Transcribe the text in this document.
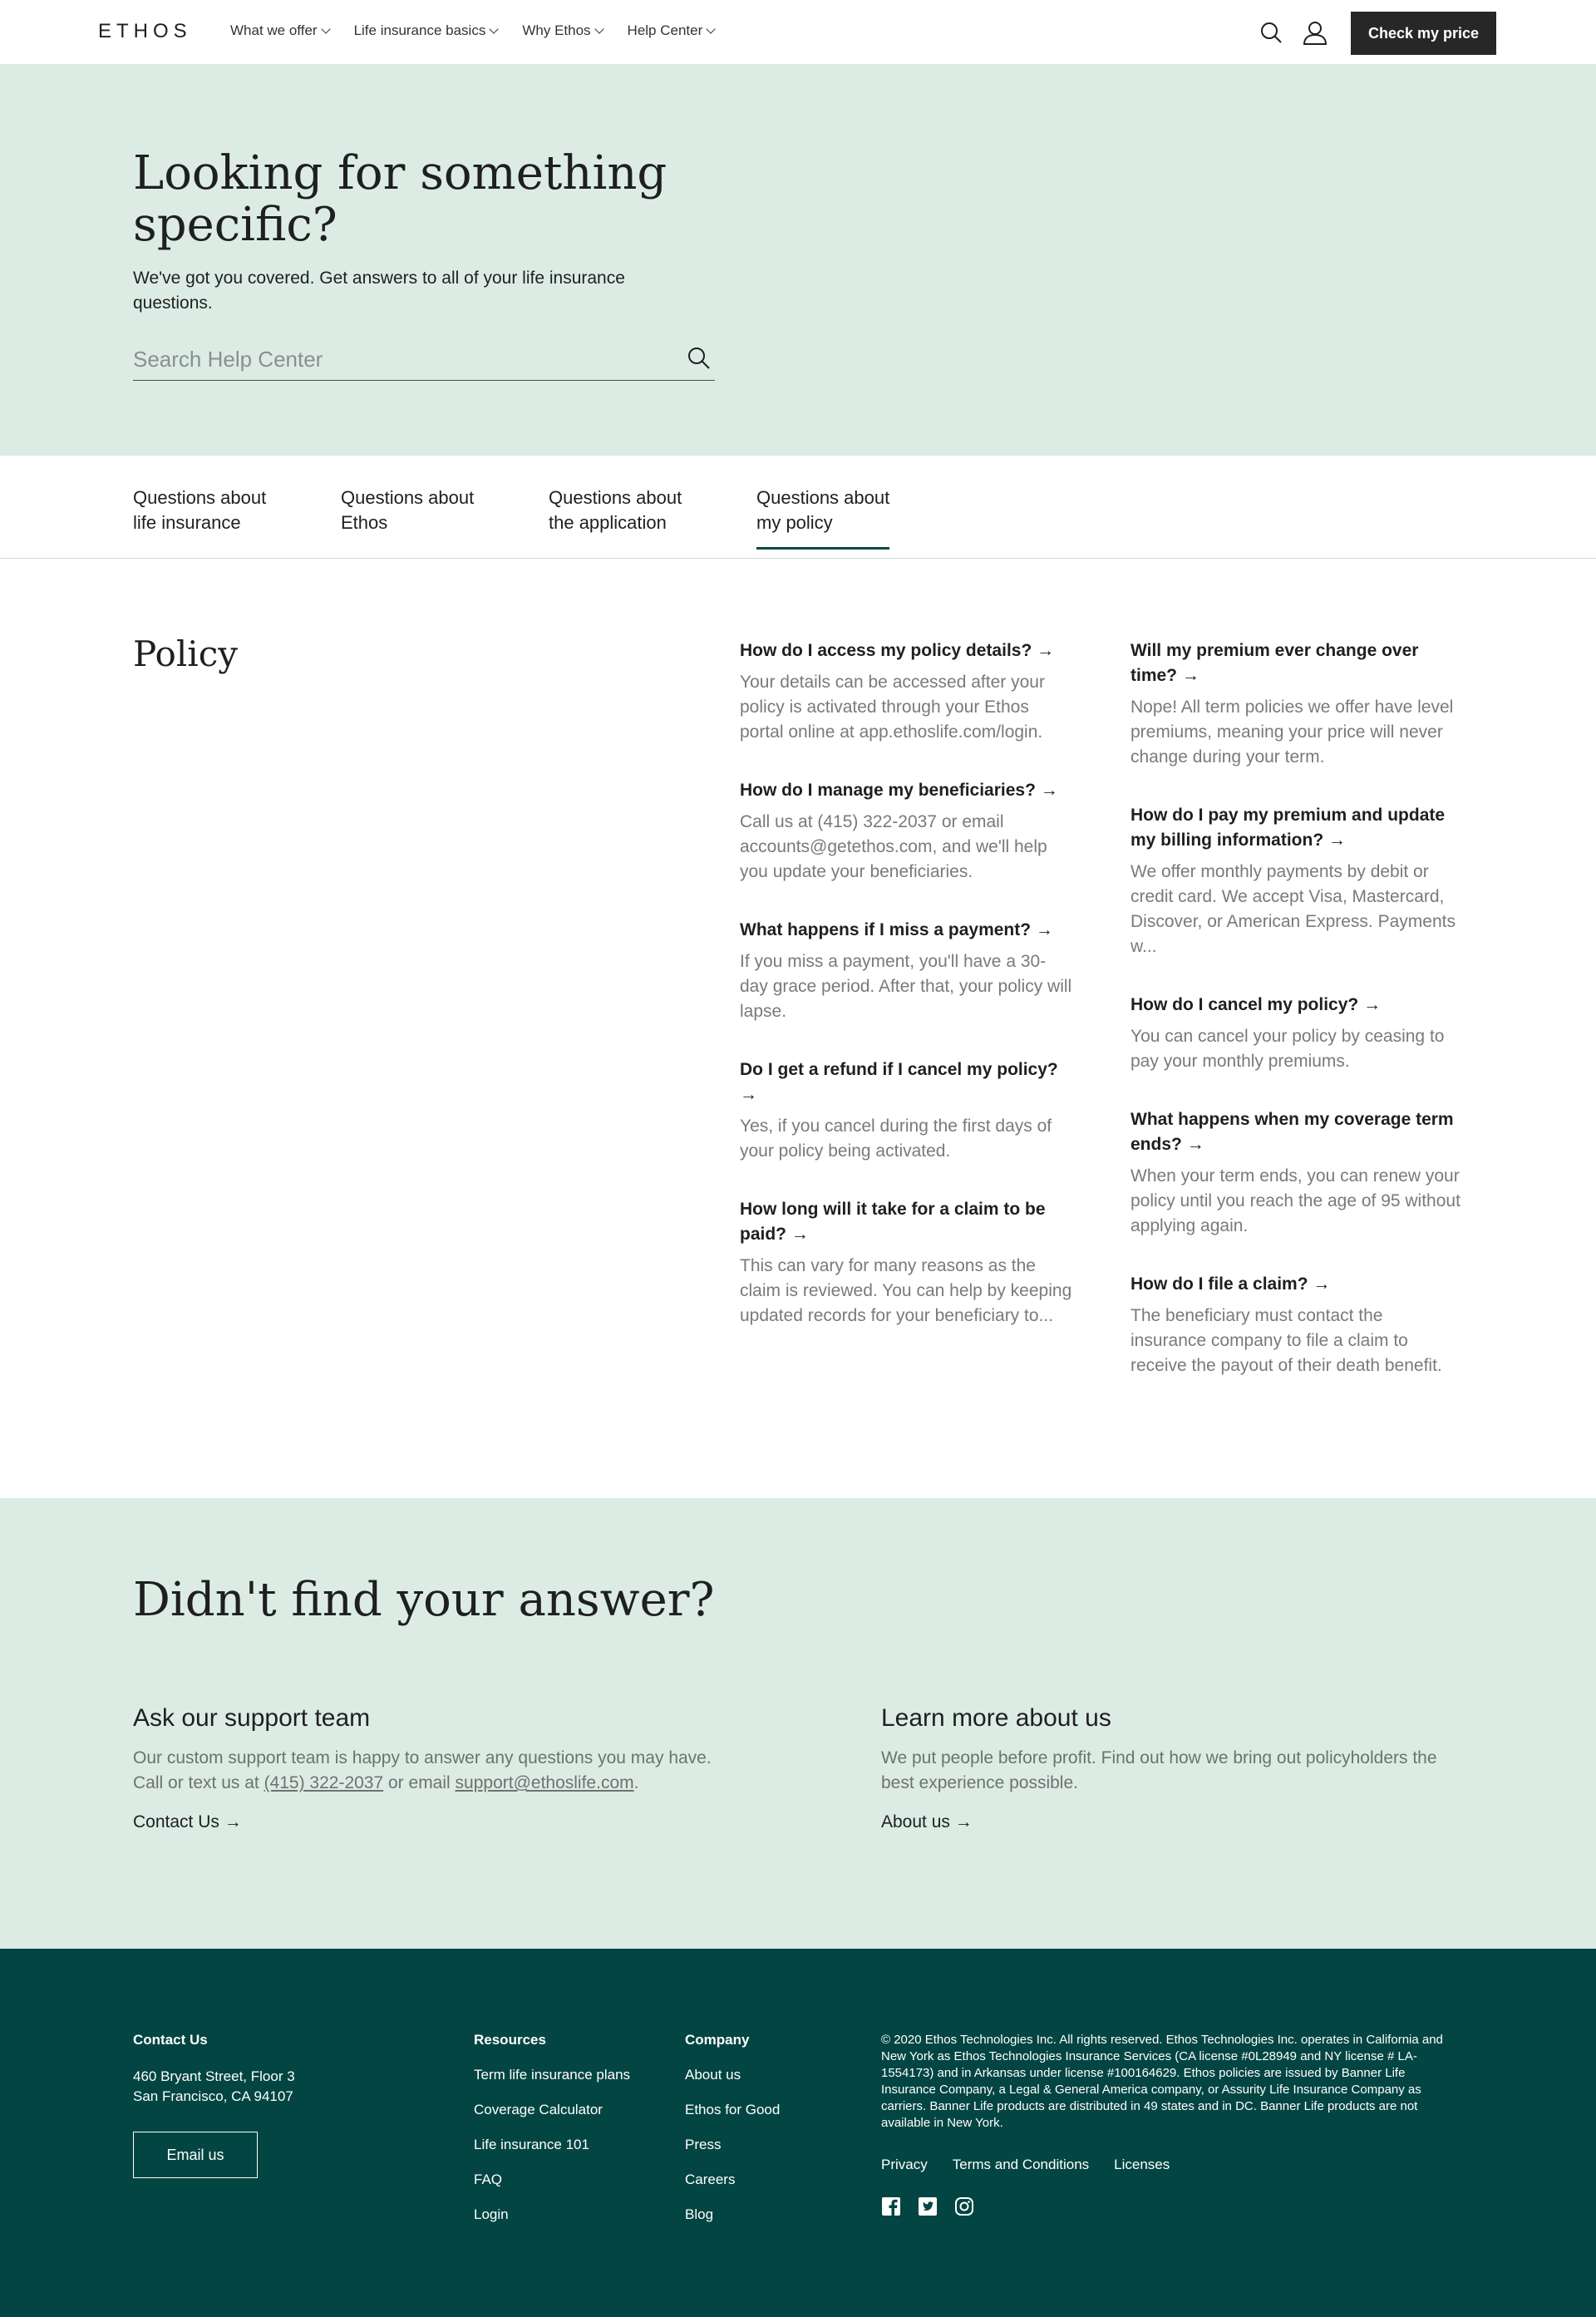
ETHOS	What we offer	Life insurance basics	Why Ethos	Help Center	Check my price
Looking for something specific?

We've got you covered. Get answers to all of your life insurance questions.

Search Help Center
Questions about
life insurance
Questions about
Ethos
Questions about
the application
Questions about
my policy
Policy	How do I access my policy details? →
Your details can be accessed after your policy is activated through your Ethos portal online at app.ethoslife.com/login.
How do I manage my beneficiaries? →
Call us at (415) 322-2037 or email accounts@getethos.com, and we'll help you update your beneficiaries.
What happens if I miss a payment? →
If you miss a payment, you'll have a 30-day grace period. After that, your policy will lapse.
Do I get a refund if I cancel my policy? →
Yes, if you cancel during the first days of your policy being activated.
How long will it take for a claim to be paid? →
This can vary for many reasons as the claim is reviewed. You can help by keeping updated records for your beneficiary to...
Will my premium ever change over time? →
Nope! All term policies we offer have level premiums, meaning your price will never change during your term.
How do I pay my premium and update my billing information? →
We offer monthly payments by debit or credit card. We accept Visa, Mastercard, Discover, or American Express. Payments w...
How do I cancel my policy? →
You can cancel your policy by ceasing to pay your monthly premiums.
What happens when my coverage term ends? →
When your term ends, you can renew your policy until you reach the age of 95 without applying again.
How do I file a claim? →
The beneficiary must contact the insurance company to file a claim to receive the payout of their death benefit.
Didn't find your answer?
Ask our support team

Our custom support team is happy to answer any questions you may have. Call or text us at (415) 322-2037 or email support@ethoslife.com.

Contact Us →
Learn more about us

We put people before profit. Find out how we bring out policyholders the best experience possible.

About us →
Contact Us
460 Bryant Street, Floor 3
San Francisco, CA 94107
Email us
Resources
Term life insurance plans
Coverage Calculator
Life insurance 101
FAQ
Login
Company
About us
Ethos for Good
Press
Careers
Blog
© 2020 Ethos Technologies Inc. All rights reserved. Ethos Technologies Inc. operates in California and New York as Ethos Technologies Insurance Services (CA license #0L28949 and NY license # LA-1554173) and in Arkansas under license #100164629. Ethos policies are issued by Banner Life Insurance Company, a Legal & General America company, or Assurity Life Insurance Company as carriers. Banner Life products are distributed in 49 states and in DC. Banner Life products are not available in New York.
Privacy Terms and Conditions Licenses
